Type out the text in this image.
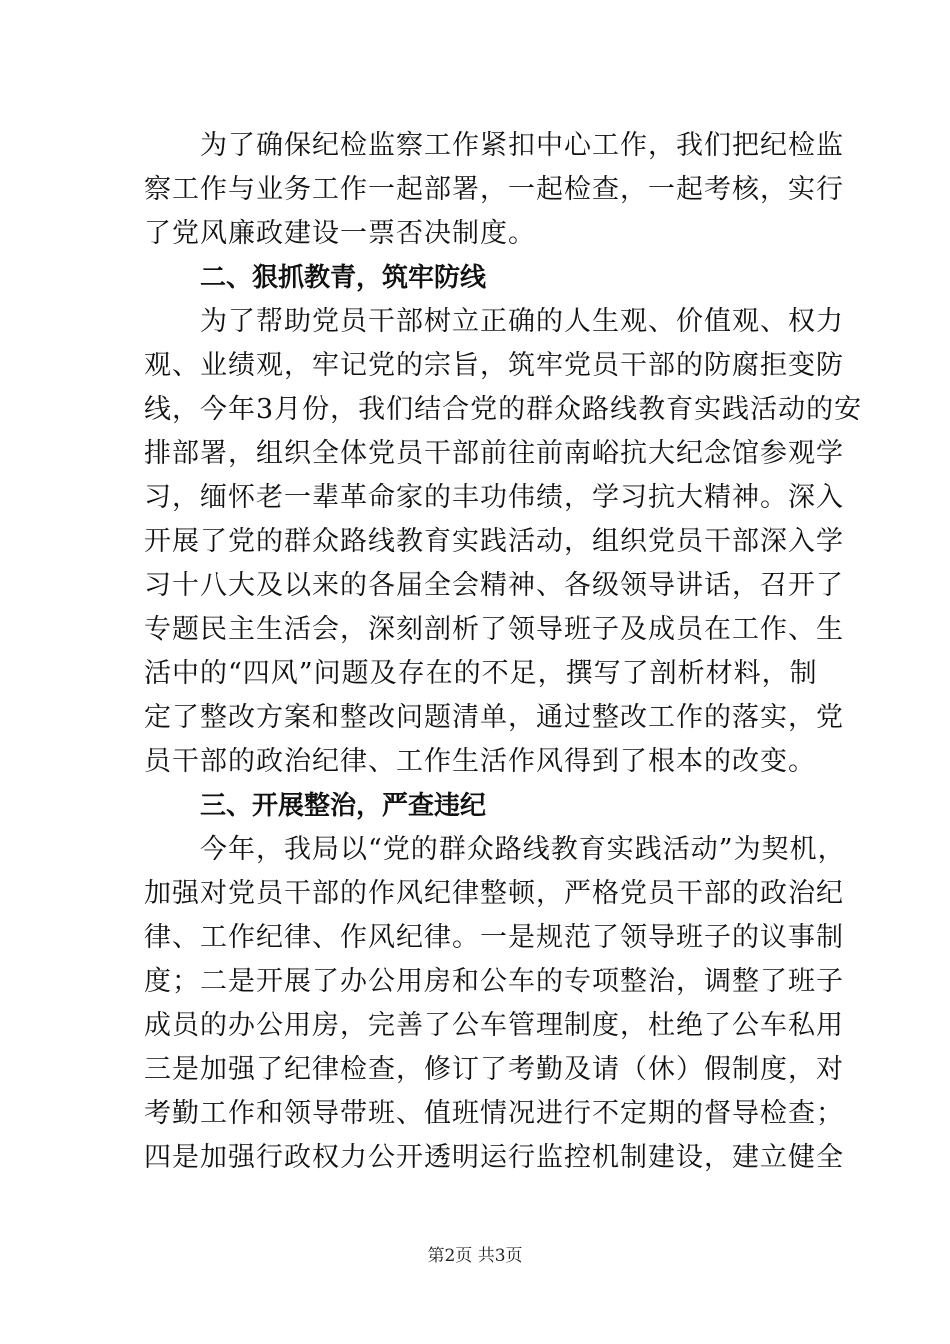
为了确保纪检监察工作紧扣中心工作，我们把纪检监
察工作与业务工作一起部署，一起检查，一起考核，实行
了党风廉政建设一票否决制度。
二、狠抓教青，筑牢防线
为了帮助党员干部树立正确的人生观、价值观、权力
观、业绩观，牢记党的宗旨，筑牢党员干部的防腐拒变防
线，今年3月份，我们结合党的群众路线教育实践活动的安
排部署，组织全体党员干部前往前南峪抗大纪念馆参观学
习，缅怀老一辈革命家的丰功伟绩，学习抗大精神。深入
开展了党的群众路线教育实践活动，组织党员干部深入学
习十八大及以来的各届全会精神、各级领导讲话，召开了
专题民主生活会，深刻剖析了领导班子及成员在工作、生
活中的“四风”问题及存在的不足，撰写了剖析材料，制
定了整改方案和整改问题清单，通过整改工作的落实，党
员干部的政治纪律、工作生活作风得到了根本的改变。
三、开展整治，严查违纪
今年，我局以“党的群众路线教育实践活动”为契机，
加强对党员干部的作风纪律整顿，严格党员干部的政治纪
律、工作纪律、作风纪律。一是规范了领导班子的议事制
度；二是开展了办公用房和公车的专项整治，调整了班子
成员的办公用房，完善了公车管理制度，杜绝了公车私用
三是加强了纪律检查，修订了考勤及请（休）假制度，对
考勤工作和领导带班、值班情况进行不定期的督导检查；
四是加强行政权力公开透明运行监控机制建设，建立健全
第2页 共3页
